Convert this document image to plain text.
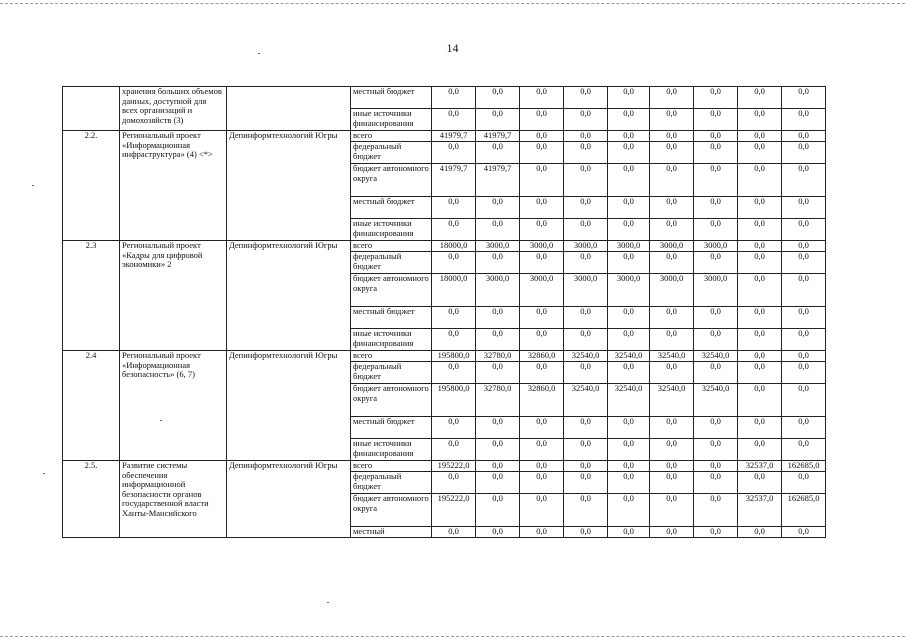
14
	хранения больших объемов данных, доступной для всех организаций и домохозяйств (3)		местный бюджет	0,0	0,0	0,0	0,0	0,0	0,0	0,0	0,0	0,0
			иные источники финансирования	0,0	0,0	0,0	0,0	0,0	0,0	0,0	0,0	0,0
2.2.	Региональный проект «Информационная инфраструктура» (4) <*>	Депинформтехнологий Югры	всего	41979,7	41979,7	0,0	0,0	0,0	0,0	0,0	0,0	0,0
			федеральный бюджет	0,0	0,0	0,0	0,0	0,0	0,0	0,0	0,0	0,0
			бюджет автономного округа	41979,7	41979,7	0,0	0,0	0,0	0,0	0,0	0,0	0,0
			местный бюджет	0,0	0,0	0,0	0,0	0,0	0,0	0,0	0,0	0,0
			иные источники финансирования	0,0	0,0	0,0	0,0	0,0	0,0	0,0	0,0	0,0
2.3	Региональный проект «Кадры для цифровой экономики» 2	Депинформтехнологий Югры	всего	18000,0	3000,0	3000,0	3000,0	3000,0	3000,0	3000,0	0,0	0,0
			федеральный бюджет	0,0	0,0	0,0	0,0	0,0	0,0	0,0	0,0	0,0
			бюджет автономного округа	18000,0	3000,0	3000,0	3000,0	3000,0	3000,0	3000,0	0,0	0,0
			местный бюджет	0,0	0,0	0,0	0,0	0,0	0,0	0,0	0,0	0,0
			иные источники финансирования	0,0	0,0	0,0	0,0	0,0	0,0	0,0	0,0	0,0
2.4	Региональный проект «Информационная безопасность» (6, 7)	Депинформтехнологий Югры	всего	195800,0	32780,0	32860,0	32540,0	32540,0	32540,0	32540,0	0,0	0,0
			федеральный бюджет	0,0	0,0	0,0	0,0	0,0	0,0	0,0	0,0	0,0
			бюджет автономного округа	195800,0	32780,0	32860,0	32540,0	32540,0	32540,0	32540,0	0,0	0,0
			местный бюджет	0,0	0,0	0,0	0,0	0,0	0,0	0,0	0,0	0,0
			иные источники финансирования	0,0	0,0	0,0	0,0	0,0	0,0	0,0	0,0	0,0
2.5.	Развитие системы обеспечения информационной безопасности органов государственной власти Ханты-Мансийского	Депинформтехнологий Югры	всего	195222,0	0,0	0,0	0,0	0,0	0,0	0,0	32537,0	162685,0
			федеральный бюджет	0,0	0,0	0,0	0,0	0,0	0,0	0,0	0,0	0,0
			бюджет автономного округа	195222,0	0,0	0,0	0,0	0,0	0,0	0,0	32537,0	162685,0
			местный	0,0	0,0	0,0	0,0	0,0	0,0	0,0	0,0	0,0
